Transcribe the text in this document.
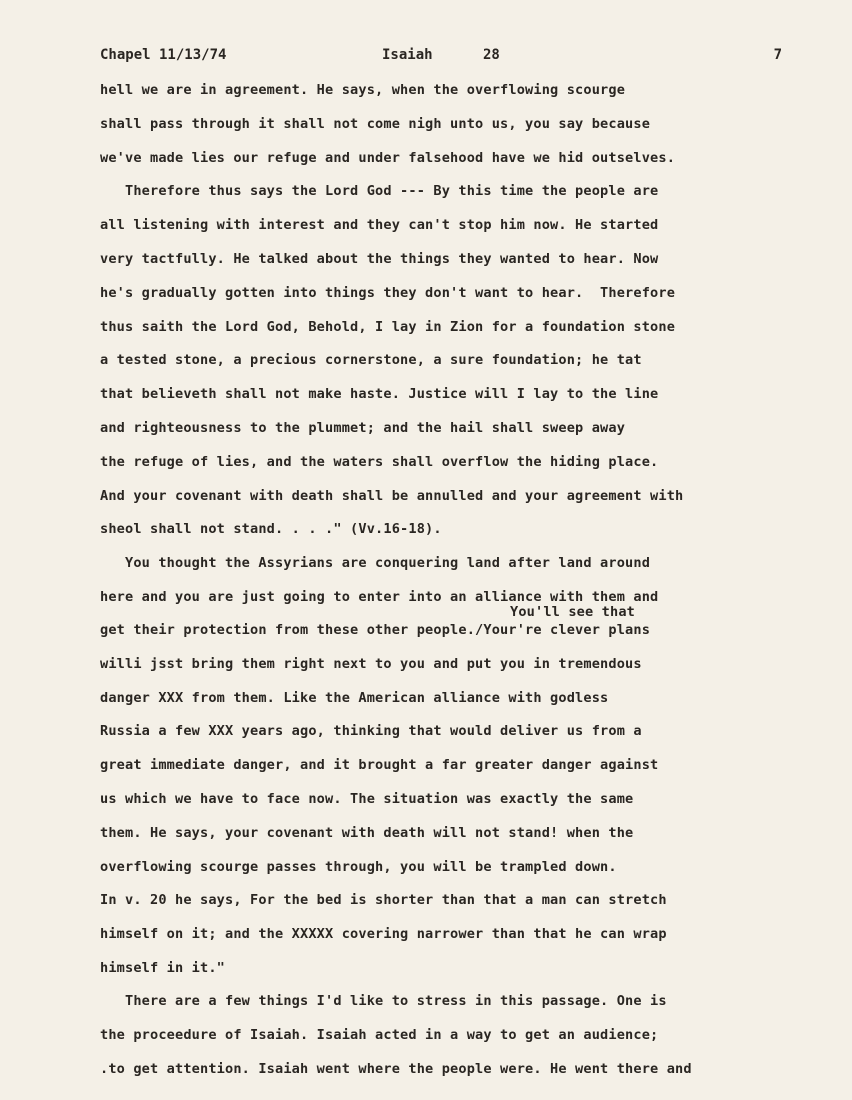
Chapel 11/13/74	Isaiah	28	7
hell we are in agreement. He says, when the overflowing scourge
shall pass through it shall not come nigh unto us, you say because
we've made lies our refuge and under falsehood have we hid outselves.
Therefore thus says the Lord God --- By this time the people are
all listening with interest and they can't stop him now. He started
very tactfully. He talked about the things they wanted to hear. Now
he's gradually gotten into things they don't want to hear.  Therefore
thus saith the Lord God, Behold, I lay in Zion for a foundation stone
a tested stone, a precious cornerstone, a sure foundation; he tat
that believeth shall not make haste. Justice will I lay to the line
and righteousness to the plummet; and the hail shall sweep away
the refuge of lies, and the waters shall overflow the hiding place.
And your covenant with death shall be annulled and your agreement with
sheol shall not stand. . . ." (Vv.16-18).
You thought the Assyrians are conquering land after land around
here and you are just going to enter into an alliance with them and
You'll see that
get their protection from these other people./Your're clever plans
willi jsst bring them right next to you and put you in tremendous
danger XXX from them. Like the American alliance with godless
Russia a few XXX years ago, thinking that would deliver us from a
great immediate danger, and it brought a far greater danger against
us which we have to face now. The situation was exactly the same
them. He says, your covenant with death will not stand! when the
overflowing scourge passes through, you will be trampled down.
In v. 20 he says, For the bed is shorter than that a man can stretch
himself on it; and the XXXXX covering narrower than that he can wrap
himself in it."
There are a few things I'd like to stress in this passage. One is
the proceedure of Isaiah. Isaiah acted in a way to get an audience;
.to get attention. Isaiah went where the people were. He went there and
